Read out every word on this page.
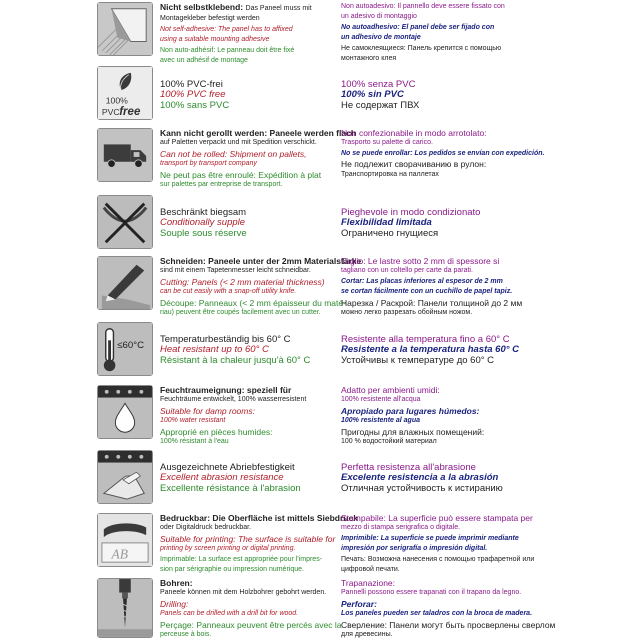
Nicht selbstklebend: Das Paneel muss mit
Montagekleber befestigt werden
Not self-adhesive: The panel has to affixed
using a suitable mounting adhesive
Non auto-adhésif: Le panneau doit être fixé
avec un adhésif de montage
Non autoadesivo: Il pannello deve essere fissato con
un adesivo di montaggio
No autoadhesivo: El panel debe ser fijado con
un adhesivo de montaje
Не самоклеящиеся: Панель крепится с помощью
монтажного клея
100%
PVC free
100% PVC-frei
100% PVC free
100% sans PVC
100% senza PVC
100% sin PVC
Не содержат ПВХ
Kann nicht gerollt werden: Paneele werden flach
auf Paletten verpackt und mit Spedition verschickt.
Can not be rolled: Shipment on pallets,
transport by transport company
Ne peut pas être enroulé: Expédition à plat
sur palettes par entreprise de transport.
Non confezionabile in modo arrotolato:
Trasporto su palette di carico.
No se puede enrollar: Los pedidos se envían con expedición.
Не подлежит сворачиванию в рулон:
Транспортировка на паллетах
Beschränkt biegsam
Conditionally supple
Souple sous réserve
Pieghevole in modo condizionato
Flexibilidad limitada
Ограничено гнущиеся
Schneiden: Paneele unter der 2mm Materialstärke
sind mit einem Tapetenmesser leicht schneidbar.
Cutting: Panels (< 2 mm material thickness)
can be cut easily with a snap-off utility knife.
Découpe: Panneaux (< 2 mm épaisseur du maté-
riau) peuvent être coupés facilement avec un cutter.
Taglio: Le lastre sotto 2 mm di spessore si
tagliano con un coltello per carte da parati.
Cortar: Las placas inferiores al espesor de 2 mm
se cortan fácilmente con un cuchillo de papel tapiz.
Нарезка / Раскрой: Панели толщиной до 2 мм
можно легко разрезать обойным ножом.
≤60°C
Temperaturbeständig bis 60° C
Heat resistant up to 60° C
Résistant à la chaleur jusqu'à 60° C
Resistente alla temperatura fino a 60° C
Resistente a la temperatura hasta 60° C
Устойчивы к температуре до 60° C
Feuchtraumeignung: speziell für
Feuchträume entwickelt, 100% wasserresistent
Suitable for damp rooms:
100% water resistant
Approprié en pièces humides:
100% résistant à l'eau
Adatto per ambienti umidi:
100% resistente all'acqua
Apropiado para lugares húmedos:
100% resistente al agua
Пригодны для влажных помещений:
100 % водостойкий материал
Ausgezeichnete Abriebfestigkeit
Excellent abrasion resistance
Excellente résistance à l'abrasion
Perfetta resistenza all'abrasione
Excelente resistencia a la abrasión
Отличная устойчивость к истиранию
AB
Bedruckbar: Die Oberfläche ist mittels Siebdruck
oder Digitaldruck bedruckbar.
Suitable for printing: The surface is suitable for
printing by screen printing or digital printing.
Imprimable: La surface est appropriée pour l'impres-
sion par sérigraphie ou impression numérique.
Stampabile: La superficie può essere stampata per
mezzo di stampa serigrafica o digitale.
Imprimible: La superficie se puede imprimir mediante
impresión por serigrafía o impresión digital.
Печать: Возможна нанесения с помощью трафаретной или
цифровой печати.
Bohren:
Paneele können mit dem Holzbohrer gebohrt werden.
Drilling:
Panels can be drilled with a drill bit for wood.
Perçage: Panneaux peuvent être percés avec la
perceuse à bois.
Trapanazione:
Pannelli possono essere trapanati con il trapano da legno.
Perforar:
Los paneles pueden ser taladros con la broca de madera.
Сверление: Панели могут быть просверлены сверлом
для древесины.
